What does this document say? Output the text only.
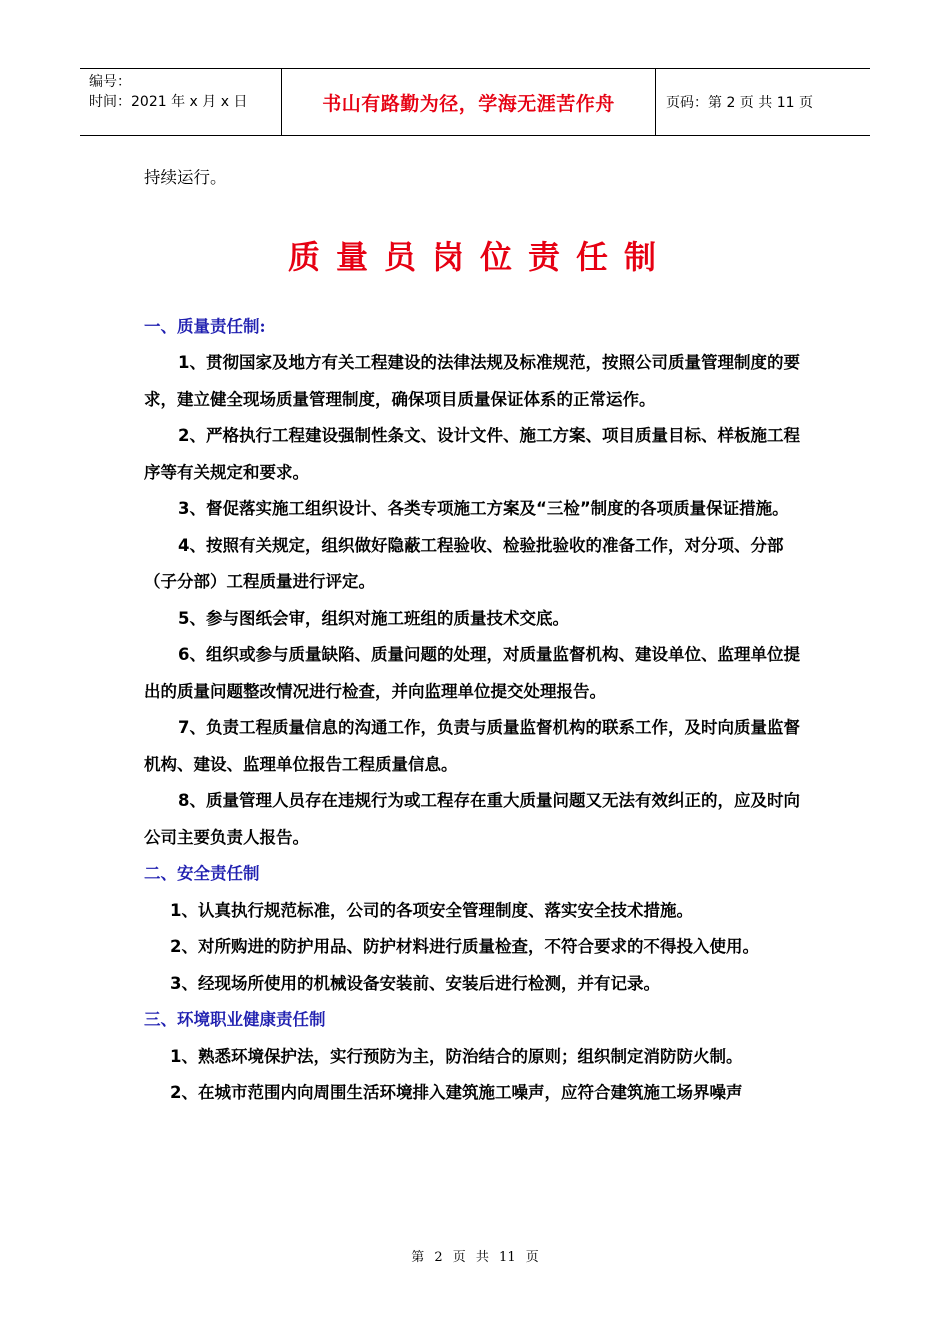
编号：
时间：2021 年 x 月 x 日	书山有路勤为径，学海无涯苦作舟	页码：第 2 页 共 11 页

持续运行。

质量员岗位责任制

一、质量责任制:

1、贯彻国家及地方有关工程建设的法律法规及标准规范，按照公司质量管理制度的要求，建立健全现场质量管理制度，确保项目质量保证体系的正常运作。

2、严格执行工程建设强制性条文、设计文件、施工方案、项目质量目标、样板施工程序等有关规定和要求。

3、督促落实施工组织设计、各类专项施工方案及“三检”制度的各项质量保证措施。

4、按照有关规定，组织做好隐蔽工程验收、检验批验收的准备工作，对分项、分部（子分部）工程质量进行评定。

5、参与图纸会审，组织对施工班组的质量技术交底。

6、组织或参与质量缺陷、质量问题的处理，对质量监督机构、建设单位、监理单位提出的质量问题整改情况进行检查，并向监理单位提交处理报告。

7、负责工程质量信息的沟通工作，负责与质量监督机构的联系工作，及时向质量监督机构、建设、监理单位报告工程质量信息。

8、质量管理人员存在违规行为或工程存在重大质量问题又无法有效纠正的，应及时向公司主要负责人报告。

二、安全责任制

1、认真执行规范标准，公司的各项安全管理制度、落实安全技术措施。

2、对所购进的防护用品、防护材料进行质量检查，不符合要求的不得投入使用。

3、经现场所使用的机械设备安装前、安装后进行检测，并有记录。

三、环境职业健康责任制

1、熟悉环境保护法，实行预防为主，防治结合的原则；组织制定消防防火制。

2、在城市范围内向周围生活环境排入建筑施工噪声，应符合建筑施工场界噪声

第 2 页 共 11 页
